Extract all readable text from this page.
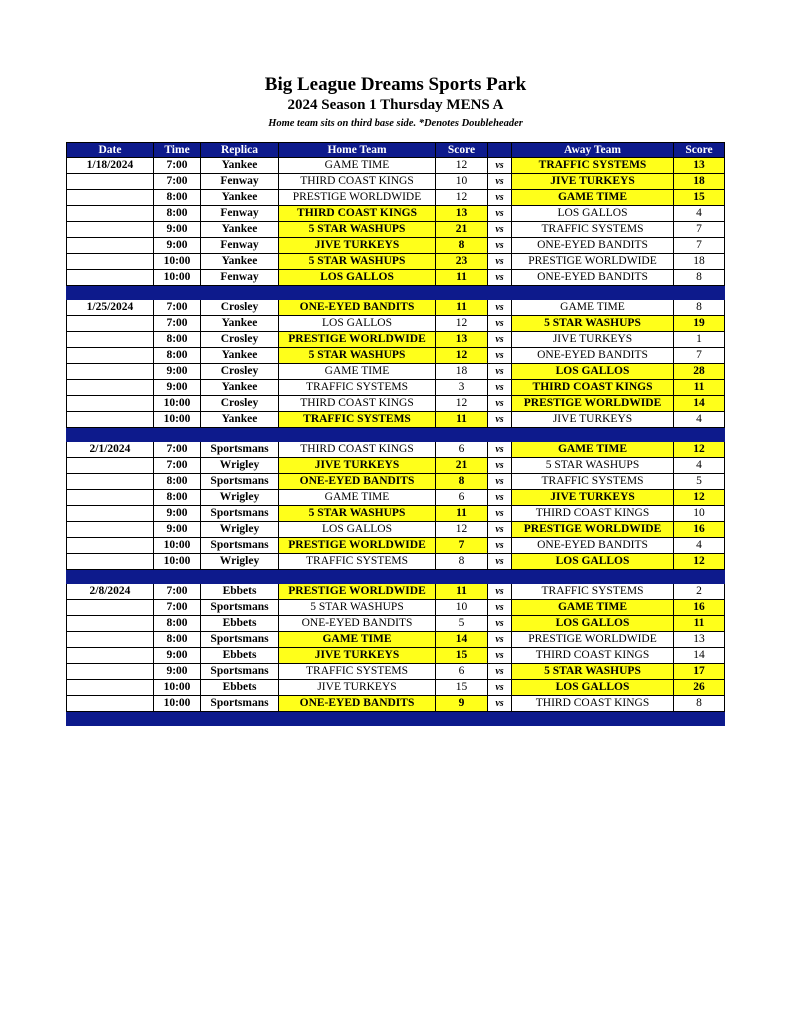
Big League Dreams Sports Park
2024 Season 1 Thursday MENS A
Home team sits on third base side. *Denotes Doubleheader
Date	Time	Replica	Home Team	Score		Away Team	Score
1/18/2024	7:00	Yankee	GAME TIME	12	vs	TRAFFIC SYSTEMS	13
	7:00	Fenway	THIRD COAST KINGS	10	vs	JIVE TURKEYS	18
	8:00	Yankee	PRESTIGE WORLDWIDE	12	vs	GAME TIME	15
	8:00	Fenway	THIRD COAST KINGS	13	vs	LOS GALLOS	4
	9:00	Yankee	5 STAR WASHUPS	21	vs	TRAFFIC SYSTEMS	7
	9:00	Fenway	JIVE TURKEYS	8	vs	ONE-EYED BANDITS	7
	10:00	Yankee	5 STAR WASHUPS	23	vs	PRESTIGE WORLDWIDE	18
	10:00	Fenway	LOS GALLOS	11	vs	ONE-EYED BANDITS	8

1/25/2024	7:00	Crosley	ONE-EYED BANDITS	11	vs	GAME TIME	8
	7:00	Yankee	LOS GALLOS	12	vs	5 STAR WASHUPS	19
	8:00	Crosley	PRESTIGE WORLDWIDE	13	vs	JIVE TURKEYS	1
	8:00	Yankee	5 STAR WASHUPS	12	vs	ONE-EYED BANDITS	7
	9:00	Crosley	GAME TIME	18	vs	LOS GALLOS	28
	9:00	Yankee	TRAFFIC SYSTEMS	3	vs	THIRD COAST KINGS	11
	10:00	Crosley	THIRD COAST KINGS	12	vs	PRESTIGE WORLDWIDE	14
	10:00	Yankee	TRAFFIC SYSTEMS	11	vs	JIVE TURKEYS	4

2/1/2024	7:00	Sportsmans	THIRD COAST KINGS	6	vs	GAME TIME	12
	7:00	Wrigley	JIVE TURKEYS	21	vs	5 STAR WASHUPS	4
	8:00	Sportsmans	ONE-EYED BANDITS	8	vs	TRAFFIC SYSTEMS	5
	8:00	Wrigley	GAME TIME	6	vs	JIVE TURKEYS	12
	9:00	Sportsmans	5 STAR WASHUPS	11	vs	THIRD COAST KINGS	10
	9:00	Wrigley	LOS GALLOS	12	vs	PRESTIGE WORLDWIDE	16
	10:00	Sportsmans	PRESTIGE WORLDWIDE	7	vs	ONE-EYED BANDITS	4
	10:00	Wrigley	TRAFFIC SYSTEMS	8	vs	LOS GALLOS	12

2/8/2024	7:00	Ebbets	PRESTIGE WORLDWIDE	11	vs	TRAFFIC SYSTEMS	2
	7:00	Sportsmans	5 STAR WASHUPS	10	vs	GAME TIME	16
	8:00	Ebbets	ONE-EYED BANDITS	5	vs	LOS GALLOS	11
	8:00	Sportsmans	GAME TIME	14	vs	PRESTIGE WORLDWIDE	13
	9:00	Ebbets	JIVE TURKEYS	15	vs	THIRD COAST KINGS	14
	9:00	Sportsmans	TRAFFIC SYSTEMS	6	vs	5 STAR WASHUPS	17
	10:00	Ebbets	JIVE TURKEYS	15	vs	LOS GALLOS	26
	10:00	Sportsmans	ONE-EYED BANDITS	9	vs	THIRD COAST KINGS	8
